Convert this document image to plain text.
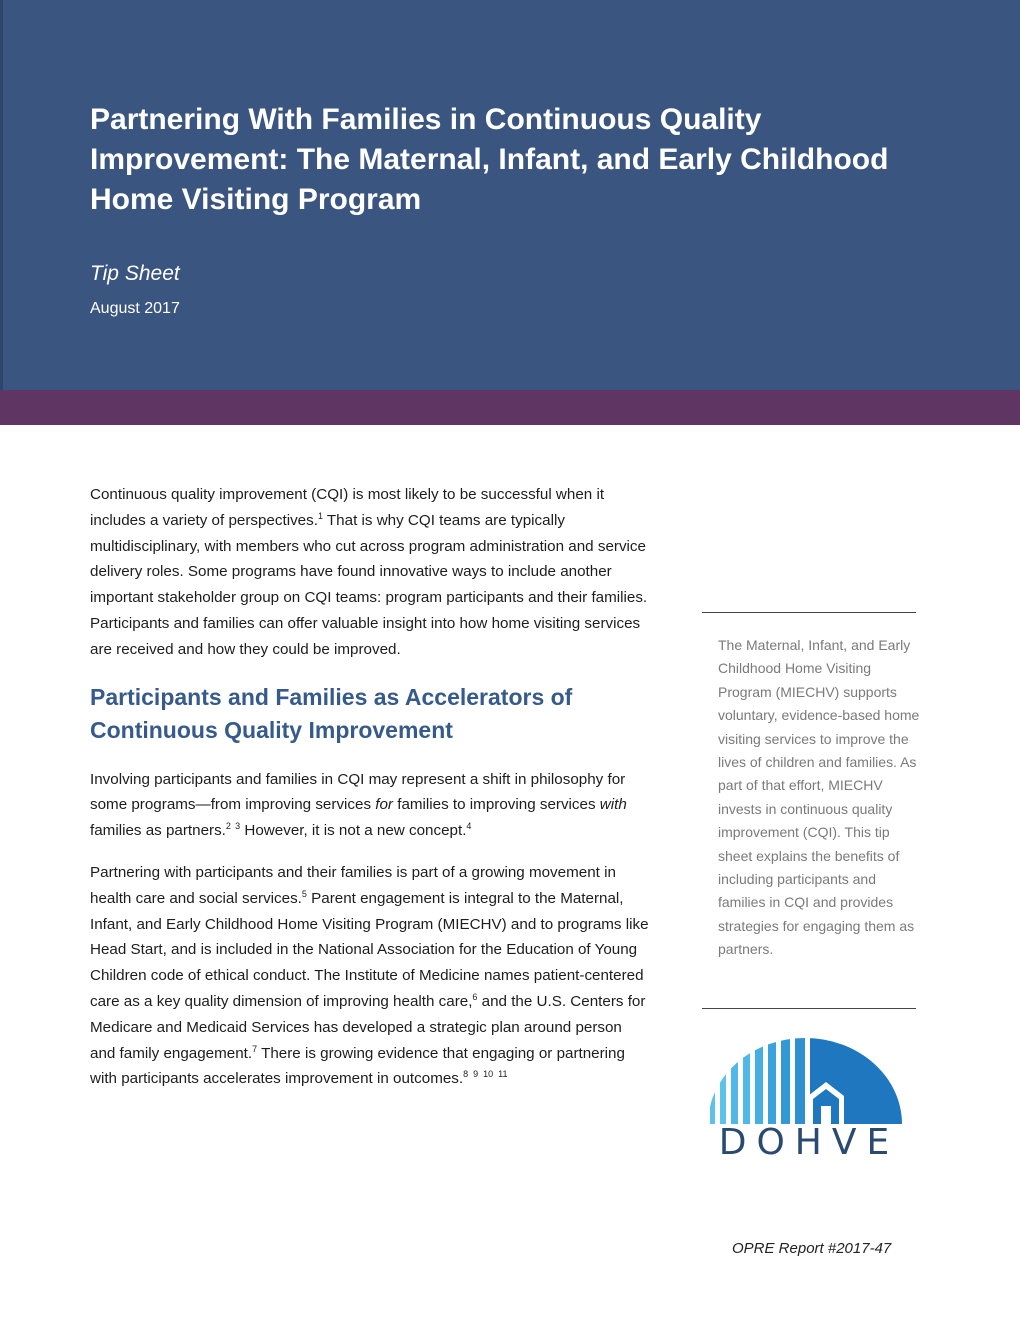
Partnering With Families in Continuous Quality Improvement: The Maternal, Infant, and Early Childhood Home Visiting Program

Tip Sheet

August 2017

Continuous quality improvement (CQI) is most likely to be successful when it includes a variety of perspectives.$^1$ That is why CQI teams are typically multidisciplinary, with members who cut across program administration and service delivery roles. Some programs have found innovative ways to include another important stakeholder group on CQI teams: program participants and their families. Participants and families can offer valuable insight into how home visiting services are received and how they could be improved.

Participants and Families as Accelerators of Continuous Quality Improvement

Involving participants and families in CQI may represent a shift in philosophy for some programs—from improving services for families to improving services with families as partners.$^2$ $^3$ However, it is not a new concept.$^4$

Partnering with participants and their families is part of a growing movement in health care and social services.$^5$ Parent engagement is integral to the Maternal, Infant, and Early Childhood Home Visiting Program (MIECHV) and to programs like Head Start, and is included in the National Association for the Education of Young Children code of ethical conduct. The Institute of Medicine names patient-centered care as a key quality dimension of improving health care,$^6$ and the U.S. Centers for Medicare and Medicaid Services has developed a strategic plan around person and family engagement.$^7$ There is growing evidence that engaging or partnering with participants accelerates improvement in outcomes.$^{8 9 10 11}$

The Maternal, Infant, and Early Childhood Home Visiting Program (MIECHV) supports voluntary, evidence-based home visiting services to improve the lives of children and families. As part of that effort, MIECHV invests in continuous quality improvement (CQI). This tip sheet explains the benefits of including participants and families in CQI and provides strategies for engaging them as partners.

DOHVE

OPRE Report #2017-47
